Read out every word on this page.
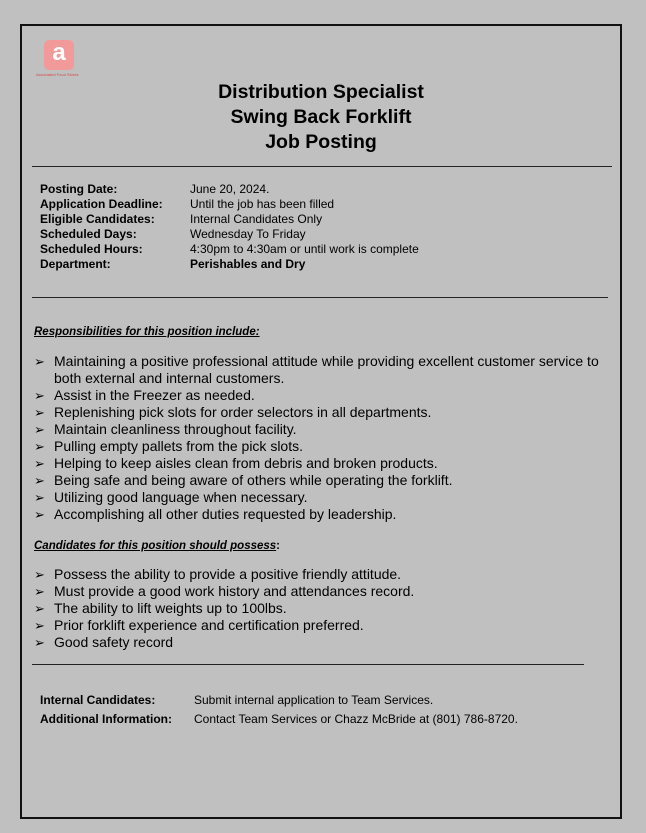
a
Associated Food Stores
Distribution Specialist
Swing Back Forklift
Job Posting
Posting Date:	June 20, 2024.
Application Deadline: Until the job has been filled
Eligible Candidates:	Internal Candidates Only
Scheduled Days:	Wednesday To Friday
Scheduled Hours:	4:30pm to 4:30am or until work is complete
Department:	Perishables and Dry
Responsibilities for this position include:
➢ Maintaining a positive professional attitude while providing excellent customer service to both external and internal customers.
➢ Assist in the Freezer as needed.
➢ Replenishing pick slots for order selectors in all departments.
➢ Maintain cleanliness throughout facility.
➢ Pulling empty pallets from the pick slots.
➢ Helping to keep aisles clean from debris and broken products.
➢ Being safe and being aware of others while operating the forklift.
➢ Utilizing good language when necessary.
➢ Accomplishing all other duties requested by leadership.
Candidates for this position should possess:
➢ Possess the ability to provide a positive friendly attitude.
➢ Must provide a good work history and attendances record.
➢ The ability to lift weights up to 100lbs.
➢ Prior forklift experience and certification preferred.
➢ Good safety record
Internal Candidates:	Submit internal application to Team Services.
Additional Information: Contact Team Services or Chazz McBride at (801) 786-8720.
